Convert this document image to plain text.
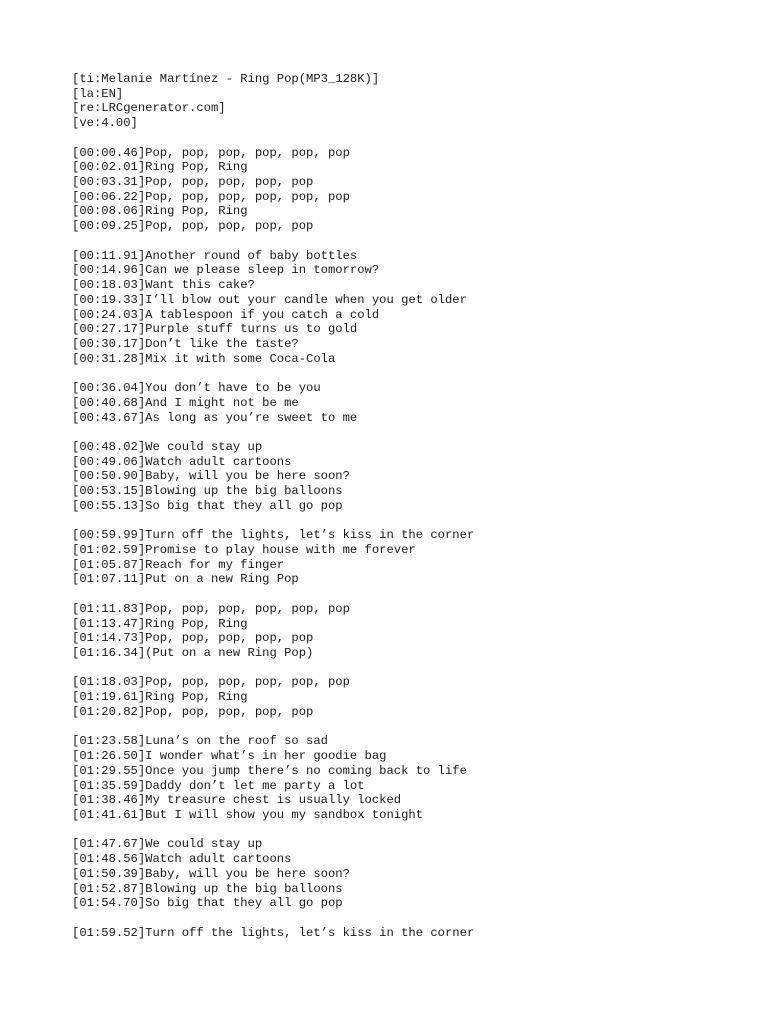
[ti:Melanie Martínez - Ring Pop(MP3_128K)]
[la:EN]
[re:LRCgenerator.com]
[ve:4.00]
[00:00.46]Pop, pop, pop, pop, pop, pop
[00:02.01]Ring Pop, Ring
[00:03.31]Pop, pop, pop, pop, pop
[00:06.22]Pop, pop, pop, pop, pop, pop
[00:08.06]Ring Pop, Ring
[00:09.25]Pop, pop, pop, pop, pop
[00:11.91]Another round of baby bottles
[00:14.96]Can we please sleep in tomorrow?
[00:18.03]Want this cake?
[00:19.33]I’ll blow out your candle when you get older
[00:24.03]A tablespoon if you catch a cold
[00:27.17]Purple stuff turns us to gold
[00:30.17]Don’t like the taste?
[00:31.28]Mix it with some Coca-Cola
[00:36.04]You don’t have to be you
[00:40.68]And I might not be me
[00:43.67]As long as you’re sweet to me
[00:48.02]We could stay up
[00:49.06]Watch adult cartoons
[00:50.90]Baby, will you be here soon?
[00:53.15]Blowing up the big balloons
[00:55.13]So big that they all go pop
[00:59.99]Turn off the lights, let’s kiss in the corner
[01:02.59]Promise to play house with me forever
[01:05.87]Reach for my finger
[01:07.11]Put on a new Ring Pop
[01:11.83]Pop, pop, pop, pop, pop, pop
[01:13.47]Ring Pop, Ring
[01:14.73]Pop, pop, pop, pop, pop
[01:16.34](Put on a new Ring Pop)
[01:18.03]Pop, pop, pop, pop, pop, pop
[01:19.61]Ring Pop, Ring
[01:20.82]Pop, pop, pop, pop, pop
[01:23.58]Luna’s on the roof so sad
[01:26.50]I wonder what’s in her goodie bag
[01:29.55]Once you jump there’s no coming back to life
[01:35.59]Daddy don’t let me party a lot
[01:38.46]My treasure chest is usually locked
[01:41.61]But I will show you my sandbox tonight
[01:47.67]We could stay up
[01:48.56]Watch adult cartoons
[01:50.39]Baby, will you be here soon?
[01:52.87]Blowing up the big balloons
[01:54.70]So big that they all go pop
[01:59.52]Turn off the lights, let’s kiss in the corner
